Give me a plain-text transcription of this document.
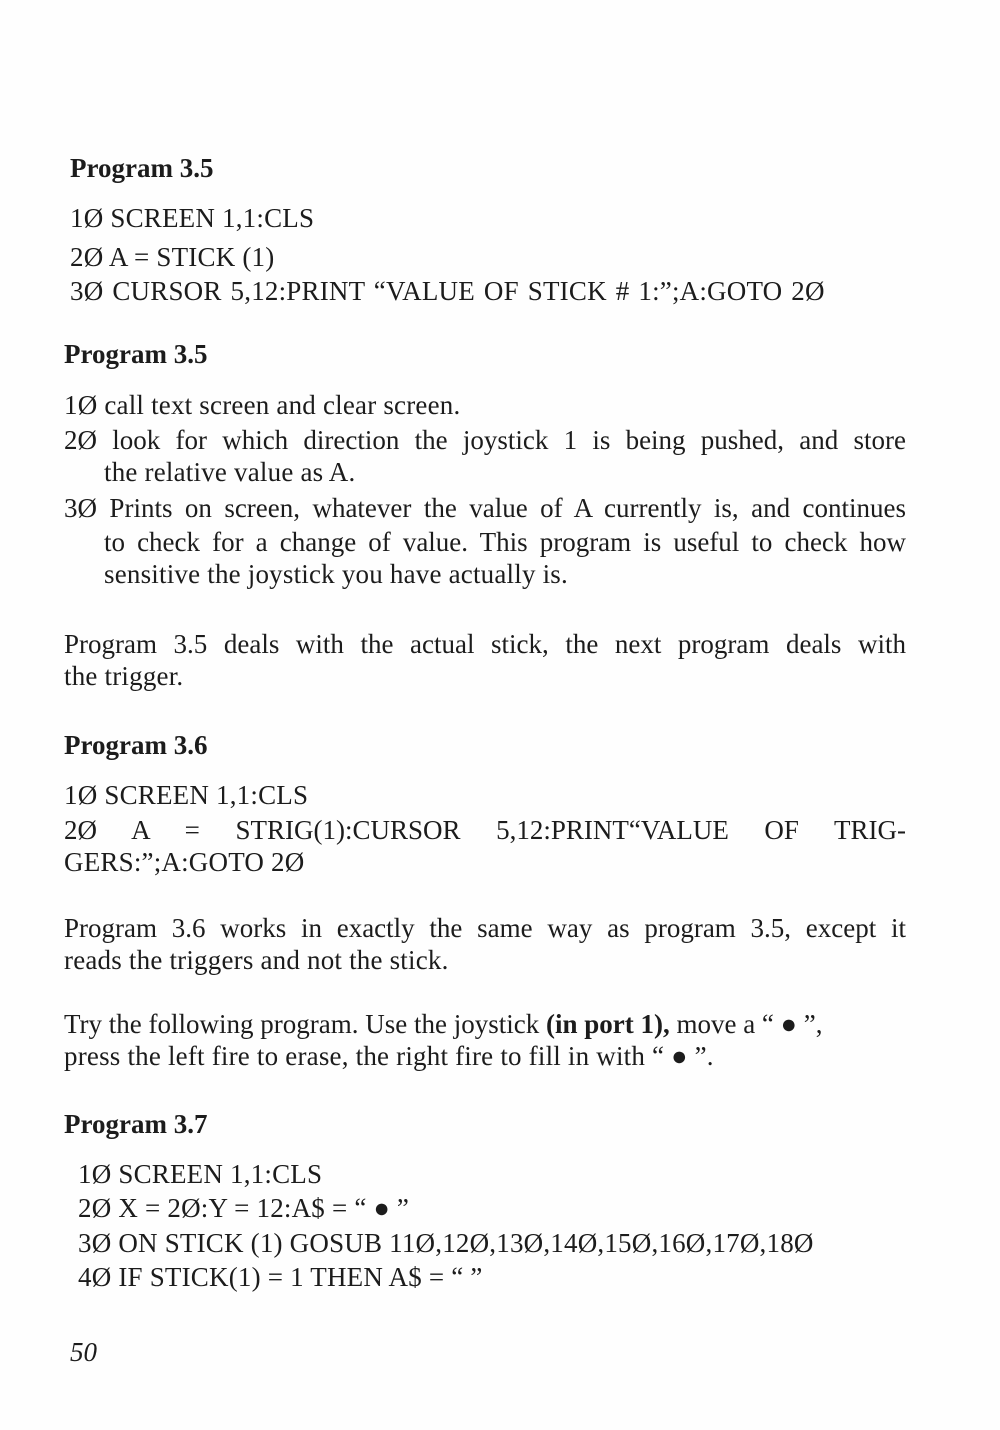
Program 3.5
1Ø SCREEN 1,1:CLS
2Ø A = STICK (1)
3Ø CURSOR 5,12:PRINT “VALUE OF STICK # 1:”;A:GOTO 2Ø
Program 3.5
1Ø call text screen and clear screen.
2Ø look for which direction the joystick 1 is being pushed, and store
the relative value as A.
3Ø Prints on screen, whatever the value of A currently is, and continues
to check for a change of value. This program is useful to check how
sensitive the joystick you have actually is.
Program 3.5 deals with the actual stick, the next program deals with
the trigger.
Program 3.6
1Ø SCREEN 1,1:CLS
2Ø A = STRIG(1):CURSOR 5,12:PRINT“VALUE OF TRIG-
GERS:”;A:GOTO 2Ø
Program 3.6 works in exactly the same way as program 3.5, except it
reads the triggers and not the stick.
Try the following program. Use the joystick (in port 1), move a “ ● ”,
press the left fire to erase, the right fire to fill in with “ ● ”.
Program 3.7
1Ø SCREEN 1,1:CLS
2Ø X = 2Ø:Y = 12:A$ = “ ● ”
3Ø ON STICK (1) GOSUB 11Ø,12Ø,13Ø,14Ø,15Ø,16Ø,17Ø,18Ø
4Ø IF STICK(1) = 1 THEN A$ = “ ”
50
